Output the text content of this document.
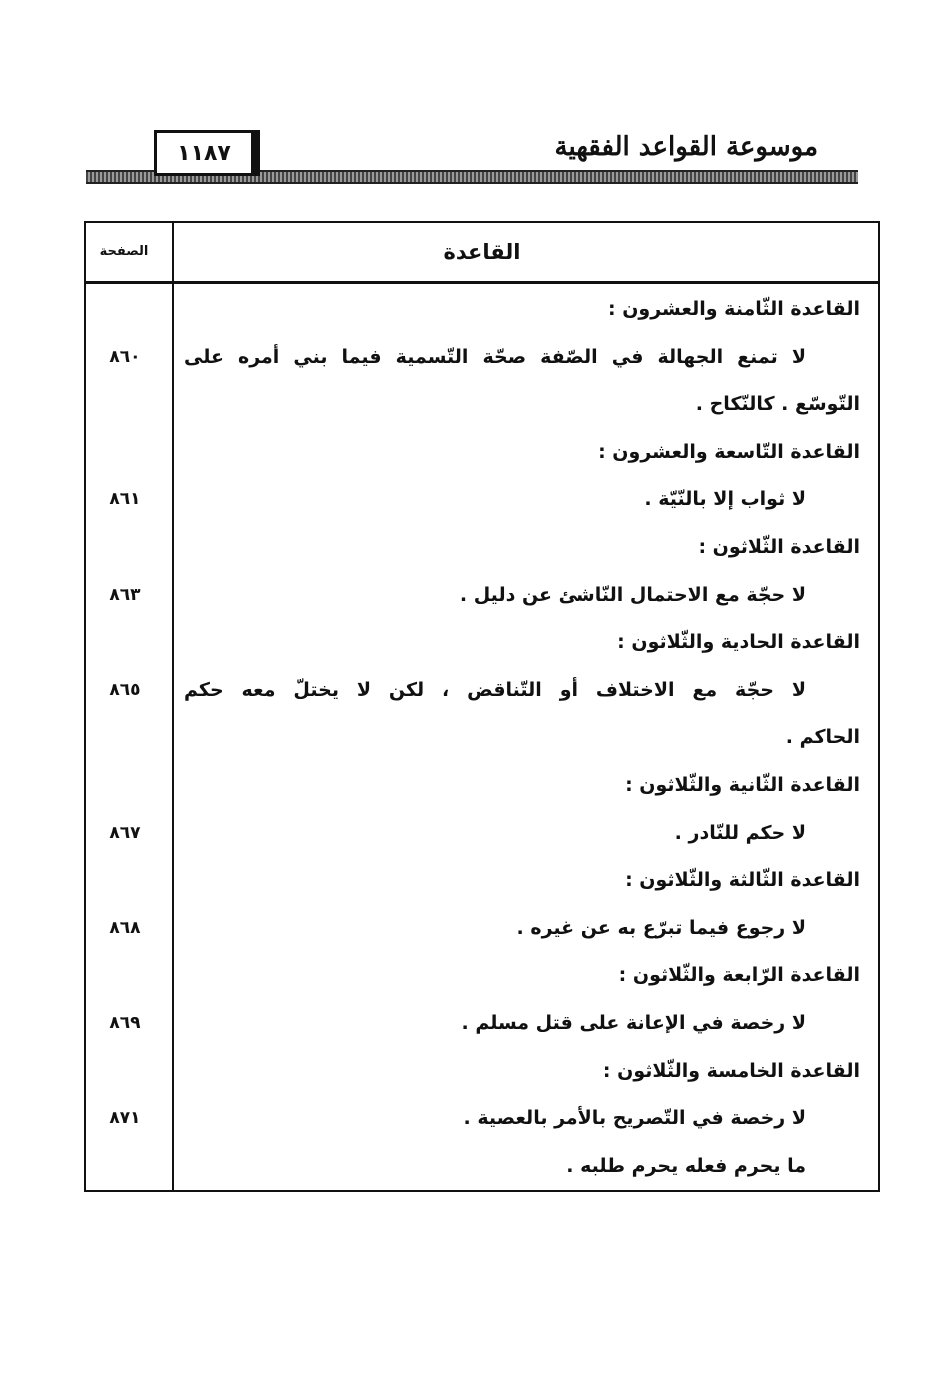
١١٨٧	موسوعة القواعد الفقهية
القاعدة
الصفحة
القاعدة الثّامنة والعشرون :
لا تمنع الجهالة في الصّفة صحّة التّسمية فيما بني أمره على
٨٦٠
التّوسّع . كالنّكاح .
القاعدة التّاسعة والعشرون :
لا ثواب إلا بالنّيّة .
٨٦١
القاعدة الثّلاثون :
لا حجّة مع الاحتمال النّاشئ عن دليل .
٨٦٣
القاعدة الحادية والثّلاثون :
لا حجّة مع الاختلاف أو التّناقض ، لكن لا يختلّ معه حكم
٨٦٥
الحاكم .
القاعدة الثّانية والثّلاثون :
لا حكم للنّادر .
٨٦٧
القاعدة الثّالثة والثّلاثون :
لا رجوع فيما تبرّع به عن غيره .
٨٦٨
القاعدة الرّابعة والثّلاثون :
لا رخصة في الإعانة على قتل مسلم .
٨٦٩
القاعدة الخامسة والثّلاثون :
لا رخصة في التّصريح بالأمر بالعصية .
٨٧١
ما يحرم فعله يحرم طلبه .
